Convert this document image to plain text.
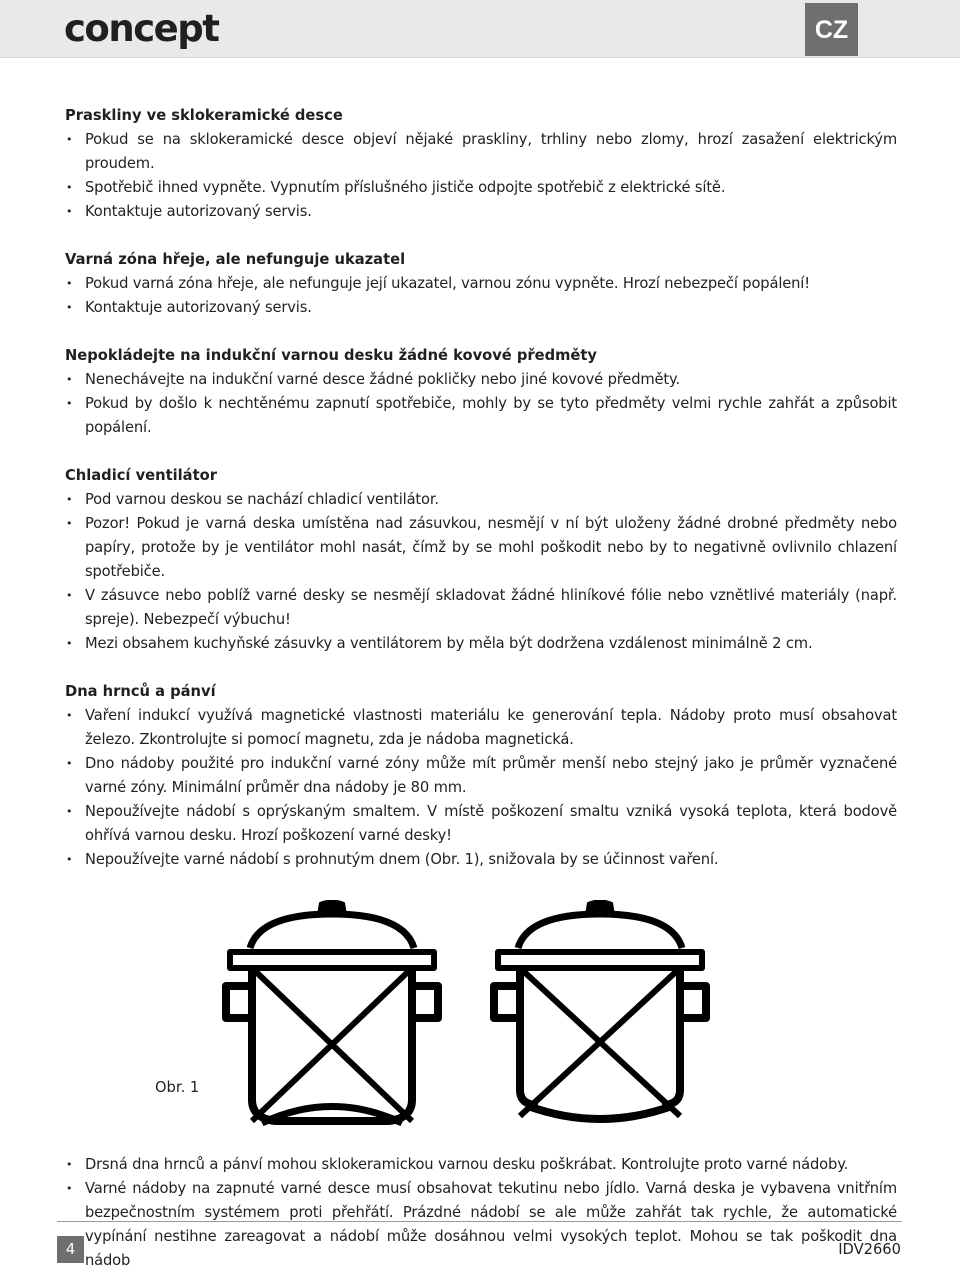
concept	CZ

Praskliny ve sklokeramické desce

• Pokud se na sklokeramické desce objeví nějaké praskliny, trhliny nebo zlomy, hrozí zasažení elektrickým proudem.
• Spotřebič ihned vypněte. Vypnutím příslušného jističe odpojte spotřebič z elektrické sítě.
• Kontaktuje autorizovaný servis.

Varná zóna hřeje, ale nefunguje ukazatel

• Pokud varná zóna hřeje, ale nefunguje její ukazatel, varnou zónu vypněte. Hrozí nebezpečí popálení!
• Kontaktuje autorizovaný servis.

Nepokládejte na indukční varnou desku žádné kovové předměty

• Nenechávejte na indukční varné desce žádné pokličky nebo jiné kovové předměty.
• Pokud by došlo k nechtěnému zapnutí spotřebiče, mohly by se tyto předměty velmi rychle zahřát a způsobit popálení.

Chladicí ventilátor

• Pod varnou deskou se nachází chladicí ventilátor.
• Pozor! Pokud je varná deska umístěna nad zásuvkou, nesmějí v ní být uloženy žádné drobné předměty nebo papíry, protože by je ventilátor mohl nasát, čímž by se mohl poškodit nebo by to negativně ovlivnilo chlazení spotřebiče.
• V zásuvce nebo poblíž varné desky se nesmějí skladovat žádné hliníkové fólie nebo vznětlivé materiály (např. spreje). Nebezpečí výbuchu!
• Mezi obsahem kuchyňské zásuvky a ventilátorem by měla být dodržena vzdálenost minimálně 2 cm.

Dna hrnců a pánví

• Vaření indukcí využívá magnetické vlastnosti materiálu ke generování tepla. Nádoby proto musí obsahovat železo. Zkontrolujte si pomocí magnetu, zda je nádoba magnetická.
• Dno nádoby použité pro indukční varné zóny může mít průměr menší nebo stejný jako je průměr vyznačené varné zóny. Minimální průměr dna nádoby je 80 mm.
• Nepoužívejte nádobí s oprýskaným smaltem. V místě poškození smaltu vzniká vysoká teplota, která bodově ohřívá varnou desku. Hrozí poškození varné desky!
• Nepoužívejte varné nádobí s prohnutým dnem (Obr. 1), snižovala by se účinnost vaření.
Obr. 1
• Drsná dna hrnců a pánví mohou sklokeramickou varnou desku poškrábat. Kontrolujte proto varné nádoby.
• Varné nádoby na zapnuté varné desce musí obsahovat tekutinu nebo jídlo. Varná deska je vybavena vnitřním bezpečnostním systémem proti přehřátí. Prázdné nádobí se ale může zahřát tak rychle, že automatické vypínání nestihne zareagovat a nádobí může dosáhnou velmi vysokých teplot. Mohou se tak poškodit dna nádob
4	IDV2660
